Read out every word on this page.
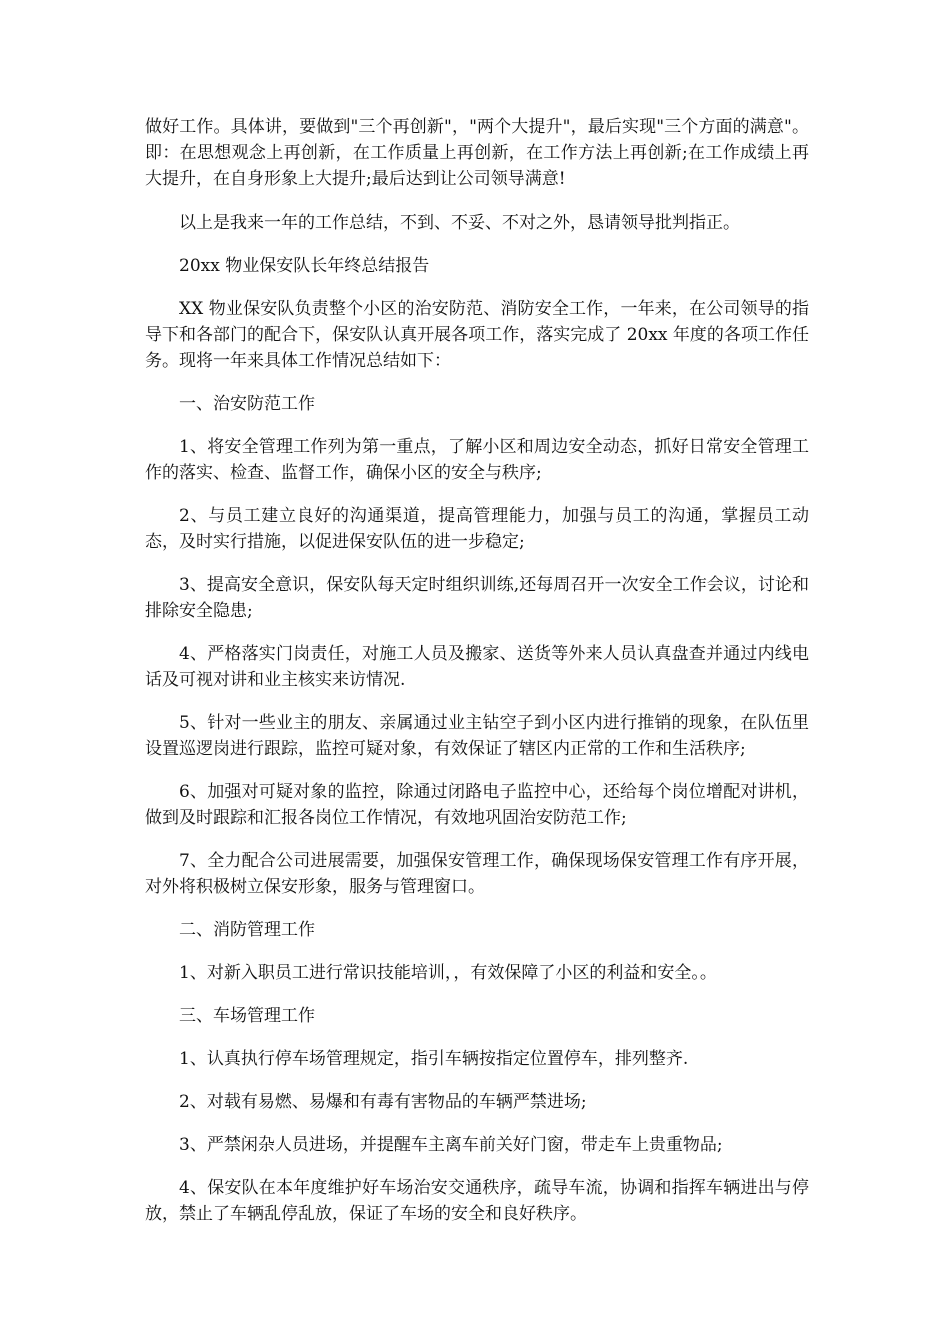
做好工作。具体讲，要做到"三个再创新"，"两个大提升"，最后实现"三个方面的满意"。即：在思想观念上再创新，在工作质量上再创新，在工作方法上再创新;在工作成绩上再大提升，在自身形象上大提升;最后达到让公司领导满意!

以上是我来一年的工作总结，不到、不妥、不对之外，恳请领导批判指正。

20xx 物业保安队长年终总结报告

XX 物业保安队负责整个小区的治安防范、消防安全工作，一年来，在公司领导的指导下和各部门的配合下，保安队认真开展各项工作，落实完成了 20xx 年度的各项工作任务。现将一年来具体工作情况总结如下：

一、治安防范工作

1、将安全管理工作列为第一重点，了解小区和周边安全动态，抓好日常安全管理工作的落实、检查、监督工作，确保小区的安全与秩序;

2、与员工建立良好的沟通渠道，提高管理能力，加强与员工的沟通，掌握员工动态，及时实行措施，以促进保安队伍的进一步稳定;

3、提高安全意识，保安队每天定时组织训练,还每周召开一次安全工作会议，讨论和排除安全隐患;

4、严格落实门岗责任，对施工人员及搬家、送货等外来人员认真盘查并通过内线电话及可视对讲和业主核实来访情况.

5、针对一些业主的朋友、亲属通过业主钻空子到小区内进行推销的现象，在队伍里设置巡逻岗进行跟踪，监控可疑对象，有效保证了辖区内正常的工作和生活秩序;

6、加强对可疑对象的监控，除通过闭路电子监控中心，还给每个岗位增配对讲机，做到及时跟踪和汇报各岗位工作情况，有效地巩固治安防范工作;

7、全力配合公司进展需要，加强保安管理工作，确保现场保安管理工作有序开展，对外将积极树立保安形象，服务与管理窗口。

二、消防管理工作

1、对新入职员工进行常识技能培训，，有效保障了小区的利益和安全。。

三、车场管理工作

1、认真执行停车场管理规定，指引车辆按指定位置停车，排列整齐.

2、对载有易燃、易爆和有毒有害物品的车辆严禁进场;

3、严禁闲杂人员进场，并提醒车主离车前关好门窗，带走车上贵重物品;

4、保安队在本年度维护好车场治安交通秩序，疏导车流，协调和指挥车辆进出与停放，禁止了车辆乱停乱放，保证了车场的安全和良好秩序。
